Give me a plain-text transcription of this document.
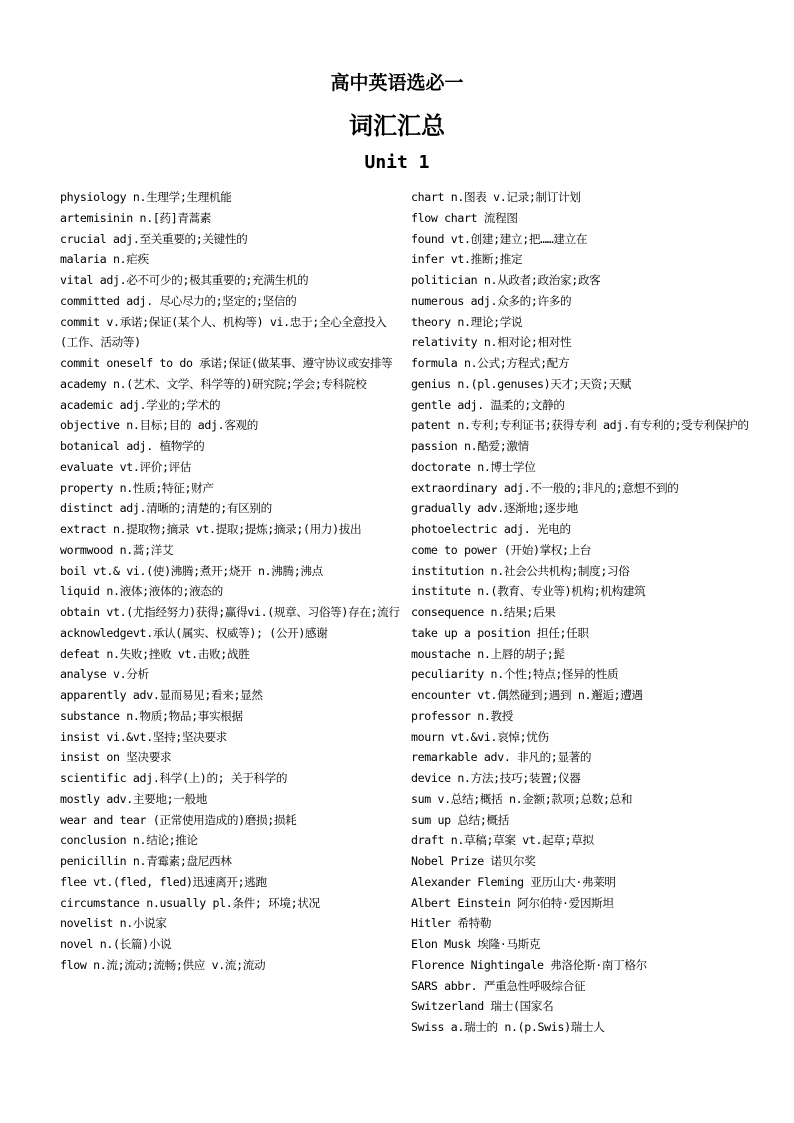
高中英语选必一
词汇汇总
Unit 1

physiology n.生理学;生理机能

artemisinin n.[药]青蒿素

crucial adj.至关重要的;关键性的

malaria n.疟疾

vital adj.必不可少的;极其重要的;充满生机的

committed adj. 尽心尽力的;坚定的;坚信的

commit v.承诺;保证(某个人、机构等) vi.忠于;全心全意投入(工作、活动等)

commit oneself to do 承诺;保证(做某事、遵守协议或安排等

academy n.(艺术、文学、科学等的)研究院;学会;专科院校

academic adj.学业的;学术的

objective n.目标;目的 adj.客观的

botanical adj. 植物学的

evaluate vt.评价;评估

property n.性质;特征;财产

distinct adj.清晰的;清楚的;有区别的

extract n.提取物;摘录 vt.提取;提炼;摘录;(用力)拔出

wormwood n.蒿;洋艾

boil vt.& vi.(使)沸腾;煮开;烧开 n.沸腾;沸点

liquid n.液体;液体的;液态的

obtain vt.(尤指经努力)获得;赢得vi.(规章、习俗等)存在;流行

acknowledgevt.承认(属实、权威等); (公开)感谢

defeat n.失败;挫败 vt.击败;战胜

analyse v.分析

apparently adv.显而易见;看来;显然

substance n.物质;物品;事实根据

insist vi.&vt.坚持;坚决要求

insist on 坚决要求

scientific adj.科学(上)的; 关于科学的

mostly adv.主要地;一般地

wear and tear (正常使用造成的)磨损;损耗

conclusion n.结论;推论

penicillin n.青霉素;盘尼西林

flee vt.(fled, fled)迅速离开;逃跑

circumstance n.usually pl.条件; 环境;状况

novelist n.小说家

novel n.(长篇)小说

flow n.流;流动;流畅;供应 v.流;流动

chart n.图表 v.记录;制订计划

flow chart 流程图

found vt.创建;建立;把……建立在

infer vt.推断;推定

politician n.从政者;政治家;政客

numerous adj.众多的;许多的

theory n.理论;学说

relativity n.相对论;相对性

formula n.公式;方程式;配方

genius n.(pl.genuses)天才;天资;天赋

gentle adj. 温柔的;文静的

patent n.专利;专利证书;获得专利 adj.有专利的;受专利保护的

passion n.酷爱;激情

doctorate n.博士学位

extraordinary adj.不一般的;非凡的;意想不到的

gradually adv.逐渐地;逐步地

photoelectric adj. 光电的

come to power (开始)掌权;上台

institution n.社会公共机构;制度;习俗

institute n.(教育、专业等)机构;机构建筑

consequence n.结果;后果

take up a position 担任;任职

moustache n.上唇的胡子;髭

peculiarity n.个性;特点;怪异的性质

encounter vt.偶然碰到;遇到 n.邂逅;遭遇

professor n.教授

mourn vt.&vi.哀悼;忧伤

remarkable adv. 非凡的;显著的

device n.方法;技巧;装置;仪器

sum v.总结;概括 n.金额;款项;总数;总和

sum up 总结;概括

draft n.草稿;草案 vt.起草;草拟

Nobel Prize 诺贝尔奖

Alexander Fleming 亚历山大·弗莱明

Albert Einstein 阿尔伯特·爱因斯坦

Hitler 希特勒

Elon Musk 埃隆·马斯克

Florence Nightingale 弗洛伦斯·南丁格尔

SARS abbr. 严重急性呼吸综合征

Switzerland 瑞士(国家名

Swiss a.瑞士的 n.(p.Swis)瑞士人
